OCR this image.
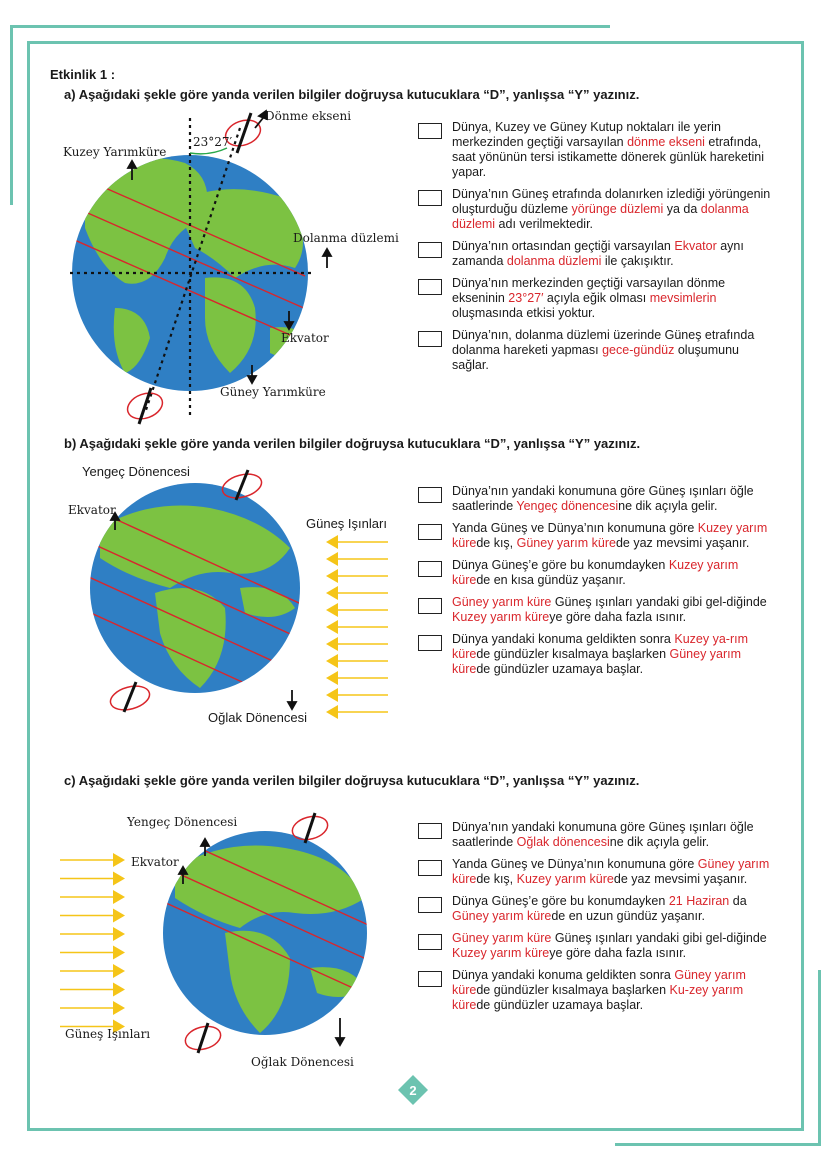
Etkinlik 1 :
a) Aşağıdaki şekle göre yanda verilen bilgiler doğruysa kutucuklara “D”, yanlışsa “Y” yazınız.
Kuzey Yarımküre
Dönme ekseni
23°27′
Dolanma düzlemi
Ekvator
Güney Yarımküre
Dünya, Kuzey ve Güney Kutup noktaları ile yerin merkezinden geçtiği varsayılan dönme ekseni etrafında, saat yönünün tersi istikamette dönerek günlük hareketini yapar.
Dünya’nın Güneş etrafında dolanırken izlediği yörüngenin oluşturduğu düzleme yörünge düzlemi ya da dolanma düzlemi adı verilmektedir.
Dünya’nın ortasından geçtiği varsayılan Ekvator aynı zamanda dolanma düzlemi ile çakışıktır.
Dünya’nın merkezinden geçtiği varsayılan dönme ekseninin 23°27′ açıyla eğik olması mevsimlerin oluşmasında etkisi yoktur.
Dünya’nın, dolanma düzlemi üzerinde Güneş etrafında dolanma hareketi yapması gece-gündüz oluşumunu sağlar.
b) Aşağıdaki şekle göre yanda verilen bilgiler doğruysa kutucuklara “D”, yanlışsa “Y” yazınız.
Yengeç Dönencesi
Ekvator
Güneş Işınları
Oğlak Dönencesi
Dünya’nın yandaki konumuna göre Güneş ışınları öğle saatlerinde Yengeç dönencesine dik açıyla gelir.
Yanda Güneş ve Dünya’nın konumuna göre Kuzey yarım kürede kış, Güney yarım kürede yaz mevsimi yaşanır.
Dünya Güneş’e göre bu konumdayken Kuzey yarım kürede en kısa gündüz yaşanır.
Güney yarım küre Güneş ışınları yandaki gibi gel-diğinde Kuzey yarım küreye göre daha fazla ısınır.
Dünya yandaki konuma geldikten sonra Kuzey ya-rım kürede gündüzler kısalmaya başlarken Güney yarım kürede gündüzler uzamaya başlar.
c) Aşağıdaki şekle göre yanda verilen bilgiler doğruysa kutucuklara “D”, yanlışsa “Y” yazınız.
Yengeç Dönencesi
Ekvator
Güneş Işınları
Oğlak Dönencesi
Dünya’nın yandaki konumuna göre Güneş ışınları öğle saatlerinde Oğlak dönencesine dik açıyla gelir.
Yanda Güneş ve Dünya’nın konumuna göre Güney yarım kürede kış, Kuzey yarım kürede yaz mevsimi yaşanır.
Dünya Güneş’e göre bu konumdayken 21 Haziran da Güney yarım kürede en uzun gündüz yaşanır.
Güney yarım küre Güneş ışınları yandaki gibi gel-diğinde Kuzey yarım küreye göre daha fazla ısınır.
Dünya yandaki konuma geldikten sonra Güney yarım kürede gündüzler kısalmaya başlarken Ku-zey yarım kürede gündüzler uzamaya başlar.
2
